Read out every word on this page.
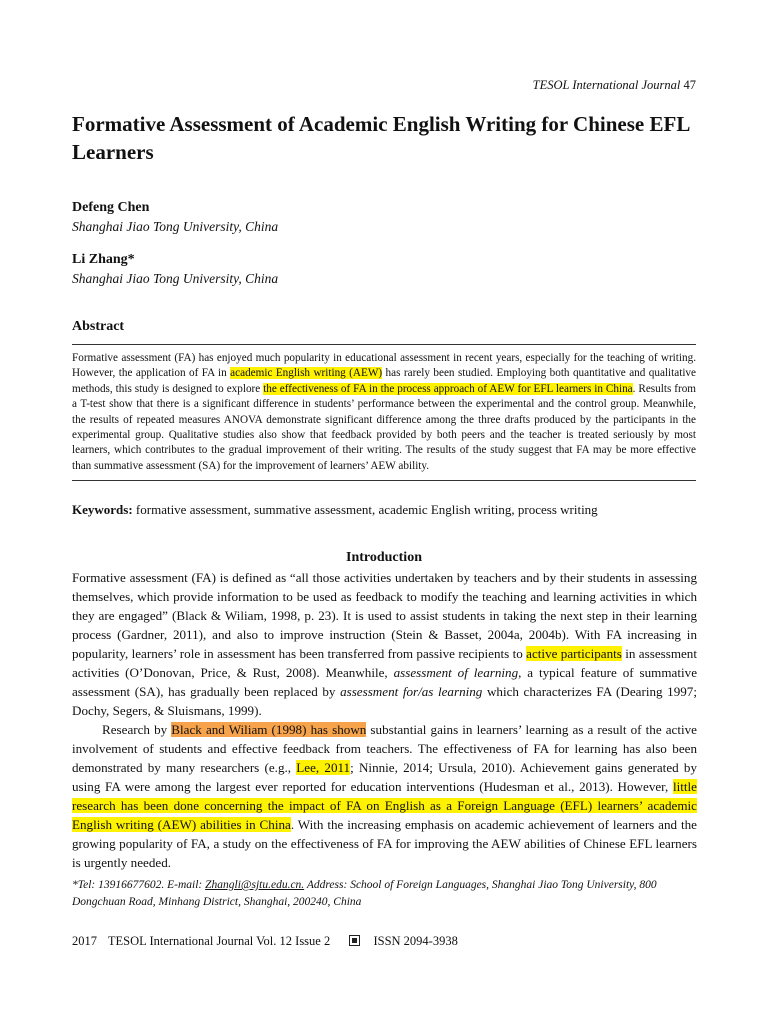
TESOL International Journal 47
Formative Assessment of Academic English Writing for Chinese EFL Learners
Defeng Chen
Shanghai Jiao Tong University, China
Li Zhang*
Shanghai Jiao Tong University, China
Abstract

Formative assessment (FA) has enjoyed much popularity in educational assessment in recent years, especially for the teaching of writing. However, the application of FA in academic English writing (AEW) has rarely been studied. Employing both quantitative and qualitative methods, this study is designed to explore the effectiveness of FA in the process approach of AEW for EFL learners in China. Results from a T-test show that there is a significant difference in students’ performance between the experimental and the control group. Meanwhile, the results of repeated measures ANOVA demonstrate significant difference among the three drafts produced by the participants in the experimental group. Qualitative studies also show that feedback provided by both peers and the teacher is treated seriously by most learners, which contributes to the gradual improvement of their writing. The results of the study suggest that FA may be more effective than summative assessment (SA) for the improvement of learners’ AEW ability.

Keywords: formative assessment, summative assessment, academic English writing, process writing
Introduction

Formative assessment (FA) is defined as “all those activities undertaken by teachers and by their students in assessing themselves, which provide information to be used as feedback to modify the teaching and learning activities in which they are engaged” (Black & Wiliam, 1998, p. 23). It is used to assist students in taking the next step in their learning process (Gardner, 2011), and also to improve instruction (Stein & Basset, 2004a, 2004b). With FA increasing in popularity, learners’ role in assessment has been transferred from passive recipients to active participants in assessment activities (O’Donovan, Price, & Rust, 2008). Meanwhile, assessment of learning, a typical feature of summative assessment (SA), has gradually been replaced by assessment for/as learning which characterizes FA (Dearing 1997; Dochy, Segers, & Sluismans, 1999).

Research by Black and Wiliam (1998) has shown substantial gains in learners’ learning as a result of the active involvement of students and effective feedback from teachers. The effectiveness of FA for learning has also been demonstrated by many researchers (e.g., Lee, 2011; Ninnie, 2014; Ursula, 2010). Achievement gains generated by using FA were among the largest ever reported for education interventions (Hudesman et al., 2013). However, little research has been done concerning the impact of FA on English as a Foreign Language (EFL) learners’ academic English writing (AEW) abilities in China. With the increasing emphasis on academic achievement of learners and the growing popularity of FA, a study on the effectiveness of FA for improving the AEW abilities of Chinese EFL learners is urgently needed.

*Tel: 13916677602. E-mail: Zhangli@sjtu.edu.cn. Address: School of Foreign Languages, Shanghai Jiao Tong University, 800 Dongchuan Road, Minhang District, Shanghai, 200240, China
2017 TESOL International Journal Vol. 12 Issue 2	ISSN 2094-3938
